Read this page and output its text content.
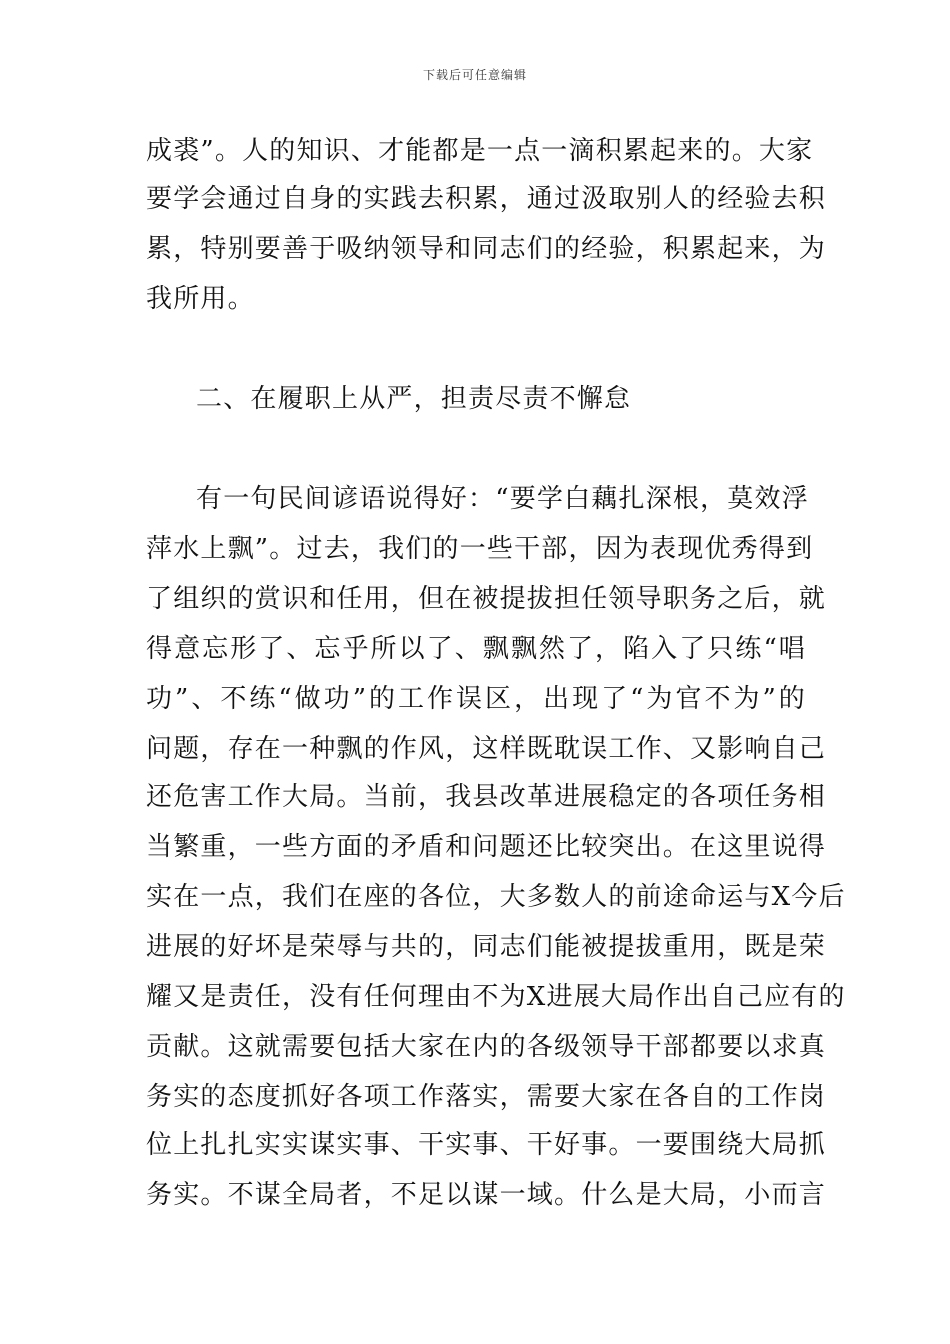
下载后可任意编辑
成裘”。人的知识、才能都是一点一滴积累起来的。大家
要学会通过自身的实践去积累，通过汲取别人的经验去积
累，特别要善于吸纳领导和同志们的经验，积累起来，为
我所用。
二、在履职上从严，担责尽责不懈怠
有一句民间谚语说得好：“要学白藕扎深根，莫效浮
萍水上飘”。过去，我们的一些干部，因为表现优秀得到
了组织的赏识和任用，但在被提拔担任领导职务之后，就
得意忘形了、忘乎所以了、飘飘然了，陷入了只练“唱
功”、不练“做功”的工作误区，出现了“为官不为”的
问题，存在一种飘的作风，这样既耽误工作、又影响自己
还危害工作大局。当前，我县改革进展稳定的各项任务相
当繁重，一些方面的矛盾和问题还比较突出。在这里说得
实在一点，我们在座的各位，大多数人的前途命运与X今后
进展的好坏是荣辱与共的，同志们能被提拔重用，既是荣
耀又是责任，没有任何理由不为X进展大局作出自己应有的
贡献。这就需要包括大家在内的各级领导干部都要以求真
务实的态度抓好各项工作落实，需要大家在各自的工作岗
位上扎扎实实谋实事、干实事、干好事。一要围绕大局抓
务实。不谋全局者，不足以谋一域。什么是大局，小而言
